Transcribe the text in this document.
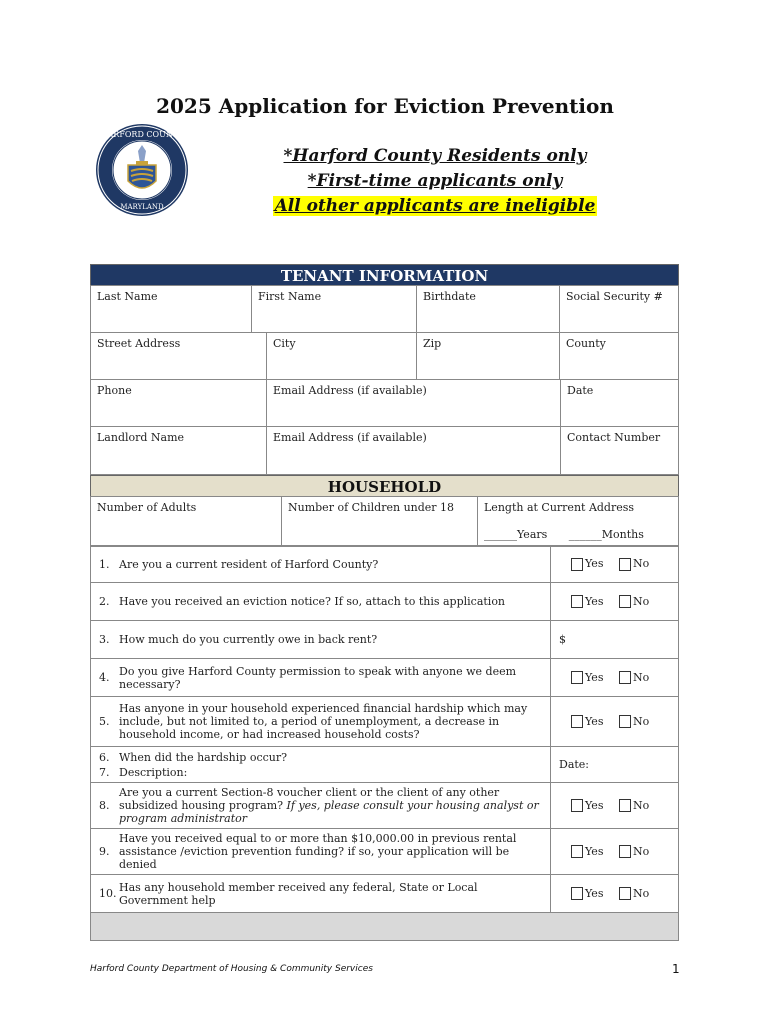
2025 Application for Eviction Prevention
HARFORD COUNTY
MARYLAND
*Harford County Residents only
*First-time applicants only
All other applicants are ineligible
TENANT INFORMATION
Last Name	First Name	Birthdate	Social Security #
Street Address	City	Zip	County
Phone	Email Address (if available)	Date
Landlord Name	Email Address (if available)	Contact Number
HOUSEHOLD
Number of Adults	Number of Children under 18	Length at Current Address
______Years ______Months
1.	Are you a current resident of Harford County?
		Yes	No

2.	Have you received an eviction notice? If so, attach to this application
		Yes	No

3.	How much do you currently owe in back rent?
		$

4.	Do you give Harford County permission to speak with anyone we deem necessary?
	Yes	No

5.	Has anyone in your household experienced financial hardship which may include, but not limited to, a period of unemployment, a decrease in household income, or had increased household costs?
	Yes	No

6.	When did the hardship occur?
7.	Description:
	Date:

8.	Are you a current Section-8 voucher client or the client of any other subsidized housing program? If yes, please consult your housing analyst or program administrator
	Yes	No

9.	Have you received equal to or more than $10,000.00 in previous rental assistance /eviction prevention funding? if so, your application will be denied
	Yes	No

10.	Has any household member received any federal, State or Local Government help
	Yes	No

Harford County Department of Housing & Community Services	1
